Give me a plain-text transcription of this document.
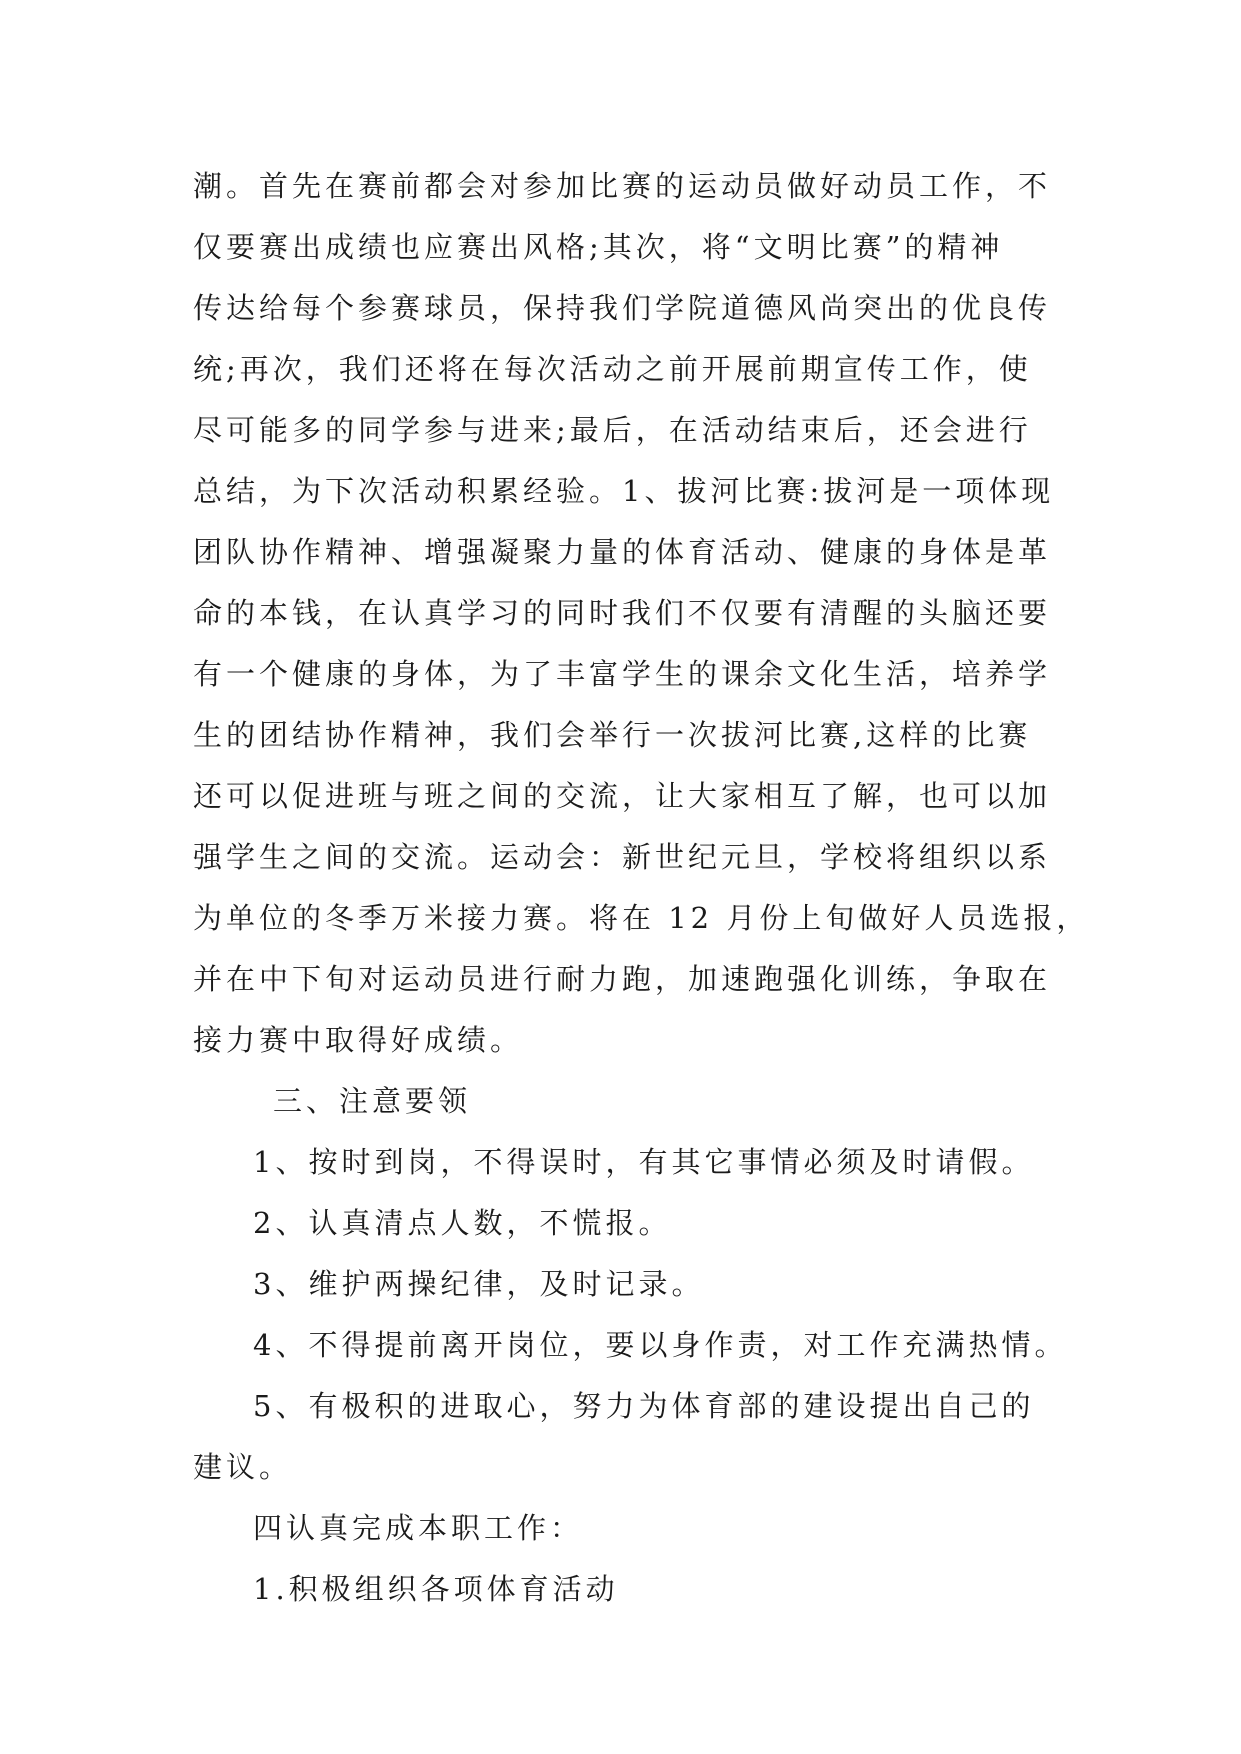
潮。首先在赛前都会对参加比赛的运动员做好动员工作，不
仅要赛出成绩也应赛出风格;其次，将“文明比赛”的精神
传达给每个参赛球员，保持我们学院道德风尚突出的优良传
统;再次，我们还将在每次活动之前开展前期宣传工作，使
尽可能多的同学参与进来;最后，在活动结束后，还会进行
总结，为下次活动积累经验。1、拔河比赛:拔河是一项体现
团队协作精神、增强凝聚力量的体育活动、健康的身体是革
命的本钱，在认真学习的同时我们不仅要有清醒的头脑还要
有一个健康的身体，为了丰富学生的课余文化生活，培养学
生的团结协作精神，我们会举行一次拔河比赛,这样的比赛
还可以促进班与班之间的交流，让大家相互了解，也可以加
强学生之间的交流。运动会：新世纪元旦，学校将组织以系
为单位的冬季万米接力赛。将在 12 月份上旬做好人员选报，
并在中下旬对运动员进行耐力跑，加速跑强化训练，争取在
接力赛中取得好成绩。
三、注意要领
1、按时到岗，不得误时，有其它事情必须及时请假。
2、认真清点人数，不慌报。
3、维护两操纪律，及时记录。
4、不得提前离开岗位，要以身作责，对工作充满热情。
5、有极积的进取心，努力为体育部的建设提出自己的
建议。
四认真完成本职工作：
1.积极组织各项体育活动
